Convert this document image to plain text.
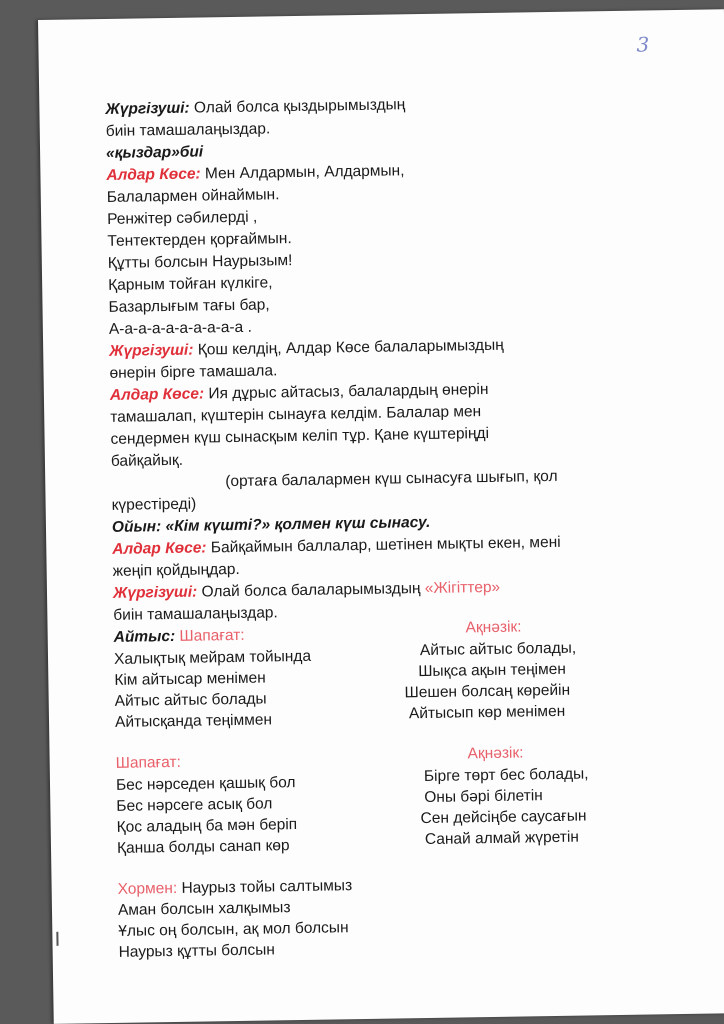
3
Жүргізуші: Олай болса қыздырымыздың
биін тамашалаңыздар.
«қыздар»биі
Алдар Көсе: Мен Алдармын, Алдармын,
Балалармен ойнаймын.
Ренжітер сәбилерді ,
Тентектерден қорғаймын.
Құтты болсын Наурызым!
Қарным тойған күлкіге,
Базарлығым тағы бар,
А-а-а-а-а-а-а-а-а-а .
Жүргізуші: Қош келдің, Алдар Көсе балаларымыздың
өнерін бірге тамашала.
Алдар Көсе: Ия дұрыс айтасыз, балалардың өнерін
тамашалап, күштерін сынауға келдім. Балалар мен
сендермен күш сынасқым келіп тұр. Қане күштеріңді
байқайық.
(ортаға балалармен күш сынасуға шығып, қол
күрестіреді)
Ойын: «Кім күшті?» қолмен күш сынасу.
Алдар Көсе: Байқаймын баллалар, шетінен мықты екен, мені
жеңіп қойдыңдар.
Жүргізуші: Олай болса балаларымыздың «Жігіттер»
биін тамашалаңыздар.
Айтыс: Шапағат:
Халықтық мейрам тойында
Кім айтысар менімен
Айтыс айтыс болады
Айтысқанда теңіммен
Шапағат:
Бес нәрседен қашық бол
Бес нәрсеге асық бол
Қос аладың ба мән беріп
Қанша болды санап көр
Хормен: Наурыз тойы салтымыз
Аман болсын халқымыз
Ұлыс оң болсын, ақ мол болсын
Наурыз құтты болсын
Ақнәзік:
Айтыс айтыс болады,
Шықса ақын теңімен
Шешен болсаң көрейін
Айтысып көр менімен
Ақнәзік:
Бірге төрт бес болады,
Оны бәрі білетін
Сен дейсіңбе саусағын
Санай алмай жүретін
